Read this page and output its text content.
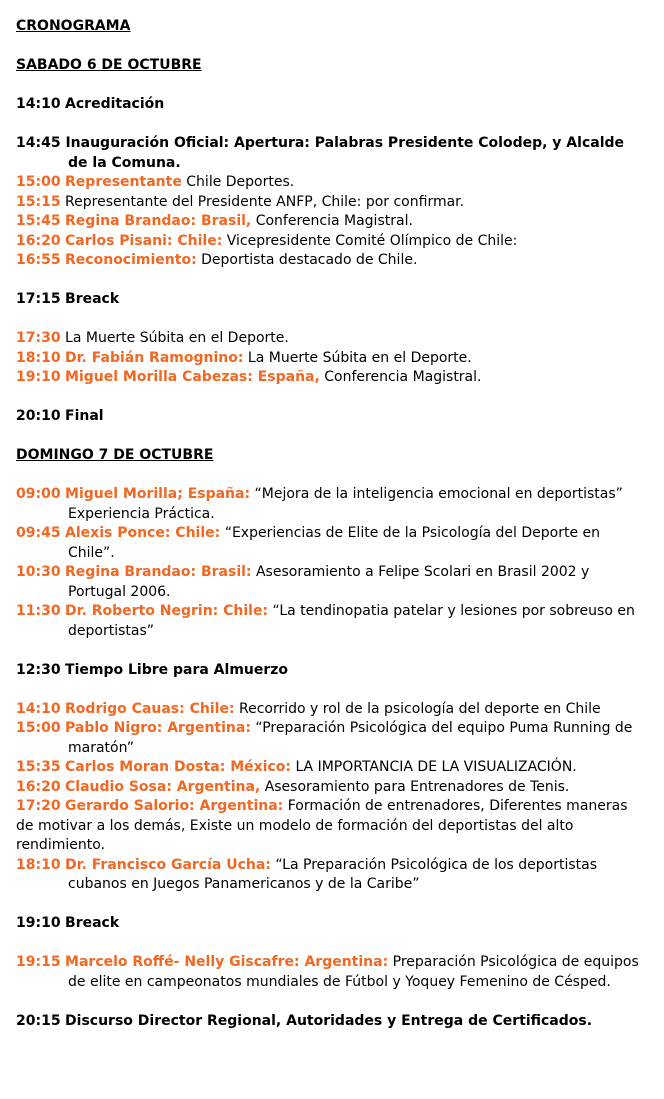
CRONOGRAMA

SABADO 6 DE OCTUBRE

14:10 Acreditación

14:45 Inauguración Oficial: Apertura: Palabras Presidente Colodep, y Alcalde de la Comuna.

15:00 Representante Chile Deportes.

15:15 Representante del Presidente ANFP, Chile: por confirmar.

15:45 Regina Brandao: Brasil, Conferencia Magistral.

16:20 Carlos Pisani: Chile: Vicepresidente Comité Olímpico de Chile:

16:55 Reconocimiento: Deportista destacado de Chile.

17:15 Breack

17:30 La Muerte Súbita en el Deporte.

18:10 Dr. Fabián Ramognino: La Muerte Súbita en el Deporte.

19:10 Miguel Morilla Cabezas: España, Conferencia Magistral.

20:10 Final

DOMINGO 7 DE OCTUBRE

09:00 Miguel Morilla; España: “Mejora de la inteligencia emocional en deportistas” Experiencia Práctica.

09:45 Alexis Ponce: Chile: “Experiencias de Elite de la Psicología del Deporte en Chile”.

10:30 Regina Brandao: Brasil: Asesoramiento a Felipe Scolari en Brasil 2002 y Portugal 2006.

11:30 Dr. Roberto Negrin: Chile: “La tendinopatia patelar y lesiones por sobreuso en deportistas”

12:30 Tiempo Libre para Almuerzo

14:10 Rodrigo Cauas: Chile: Recorrido y rol de la psicología del deporte en Chile

15:00 Pablo Nigro: Argentina: “Preparación Psicológica del equipo Puma Running de maratón”

15:35 Carlos Moran Dosta: México: LA IMPORTANCIA DE LA VISUALIZACIÓN.

16:20 Claudio Sosa: Argentina, Asesoramiento para Entrenadores de Tenis.

17:20 Gerardo Salorio: Argentina: Formación de entrenadores, Diferentes maneras de motivar a los demás, Existe un modelo de formación del deportistas del alto rendimiento.

18:10 Dr. Francisco García Ucha: “La Preparación Psicológica de los deportistas cubanos en Juegos Panamericanos y de la Caribe”

19:10 Breack

19:15 Marcelo Roffé- Nelly Giscafre: Argentina: Preparación Psicológica de equipos de elite en campeonatos mundiales de Fútbol y Yoquey Femenino de Césped.

20:15 Discurso Director Regional, Autoridades y Entrega de Certificados.
